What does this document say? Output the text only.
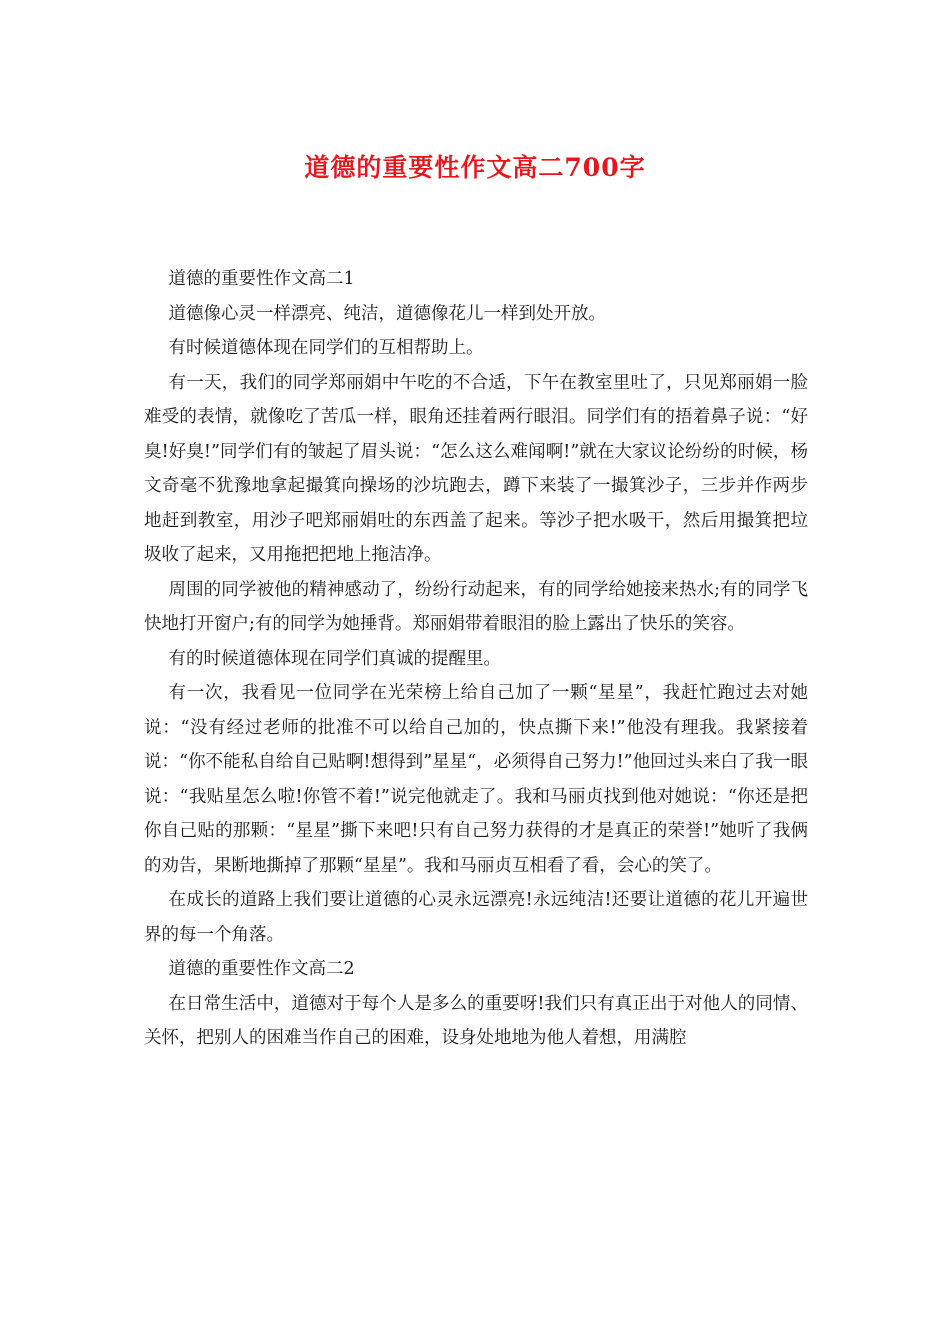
道德的重要性作文高二700字

道德的重要性作文高二1

道德像心灵一样漂亮、纯洁，道德像花儿一样到处开放。

有时候道德体现在同学们的互相帮助上。

有一天，我们的同学郑丽娟中午吃的不合适，下午在教室里吐了，只见郑丽娟一脸难受的表情，就像吃了苦瓜一样，眼角还挂着两行眼泪。同学们有的捂着鼻子说：“好臭!好臭!”同学们有的皱起了眉头说：“怎么这么难闻啊!”就在大家议论纷纷的时候，杨文奇毫不犹豫地拿起撮箕向操场的沙坑跑去，蹲下来装了一撮箕沙子，三步并作两步地赶到教室，用沙子吧郑丽娟吐的东西盖了起来。等沙子把水吸干，然后用撮箕把垃圾收了起来，又用拖把把地上拖洁净。

周围的同学被他的精神感动了，纷纷行动起来，有的同学给她接来热水;有的同学飞快地打开窗户;有的同学为她捶背。郑丽娟带着眼泪的脸上露出了快乐的笑容。

有的时候道德体现在同学们真诚的提醒里。

有一次，我看见一位同学在光荣榜上给自己加了一颗“星星”，我赶忙跑过去对她说：“没有经过老师的批准不可以给自己加的，快点撕下来!”他没有理我。我紧接着说：“你不能私自给自己贴啊!想得到”星星“，必须得自己努力!”他回过头来白了我一眼说：“我贴星怎么啦!你管不着!”说完他就走了。我和马丽贞找到他对她说：“你还是把你自己贴的那颗：“星星”撕下来吧!只有自己努力获得的才是真正的荣誉!”她听了我俩的劝告，果断地撕掉了那颗“星星”。我和马丽贞互相看了看，会心的笑了。

在成长的道路上我们要让道德的心灵永远漂亮!永远纯洁!还要让道德的花儿开遍世界的每一个角落。

道德的重要性作文高二2

在日常生活中，道德对于每个人是多么的重要呀!我们只有真正出于对他人的同情、关怀，把别人的困难当作自己的困难，设身处地地为他人着想，用满腔
